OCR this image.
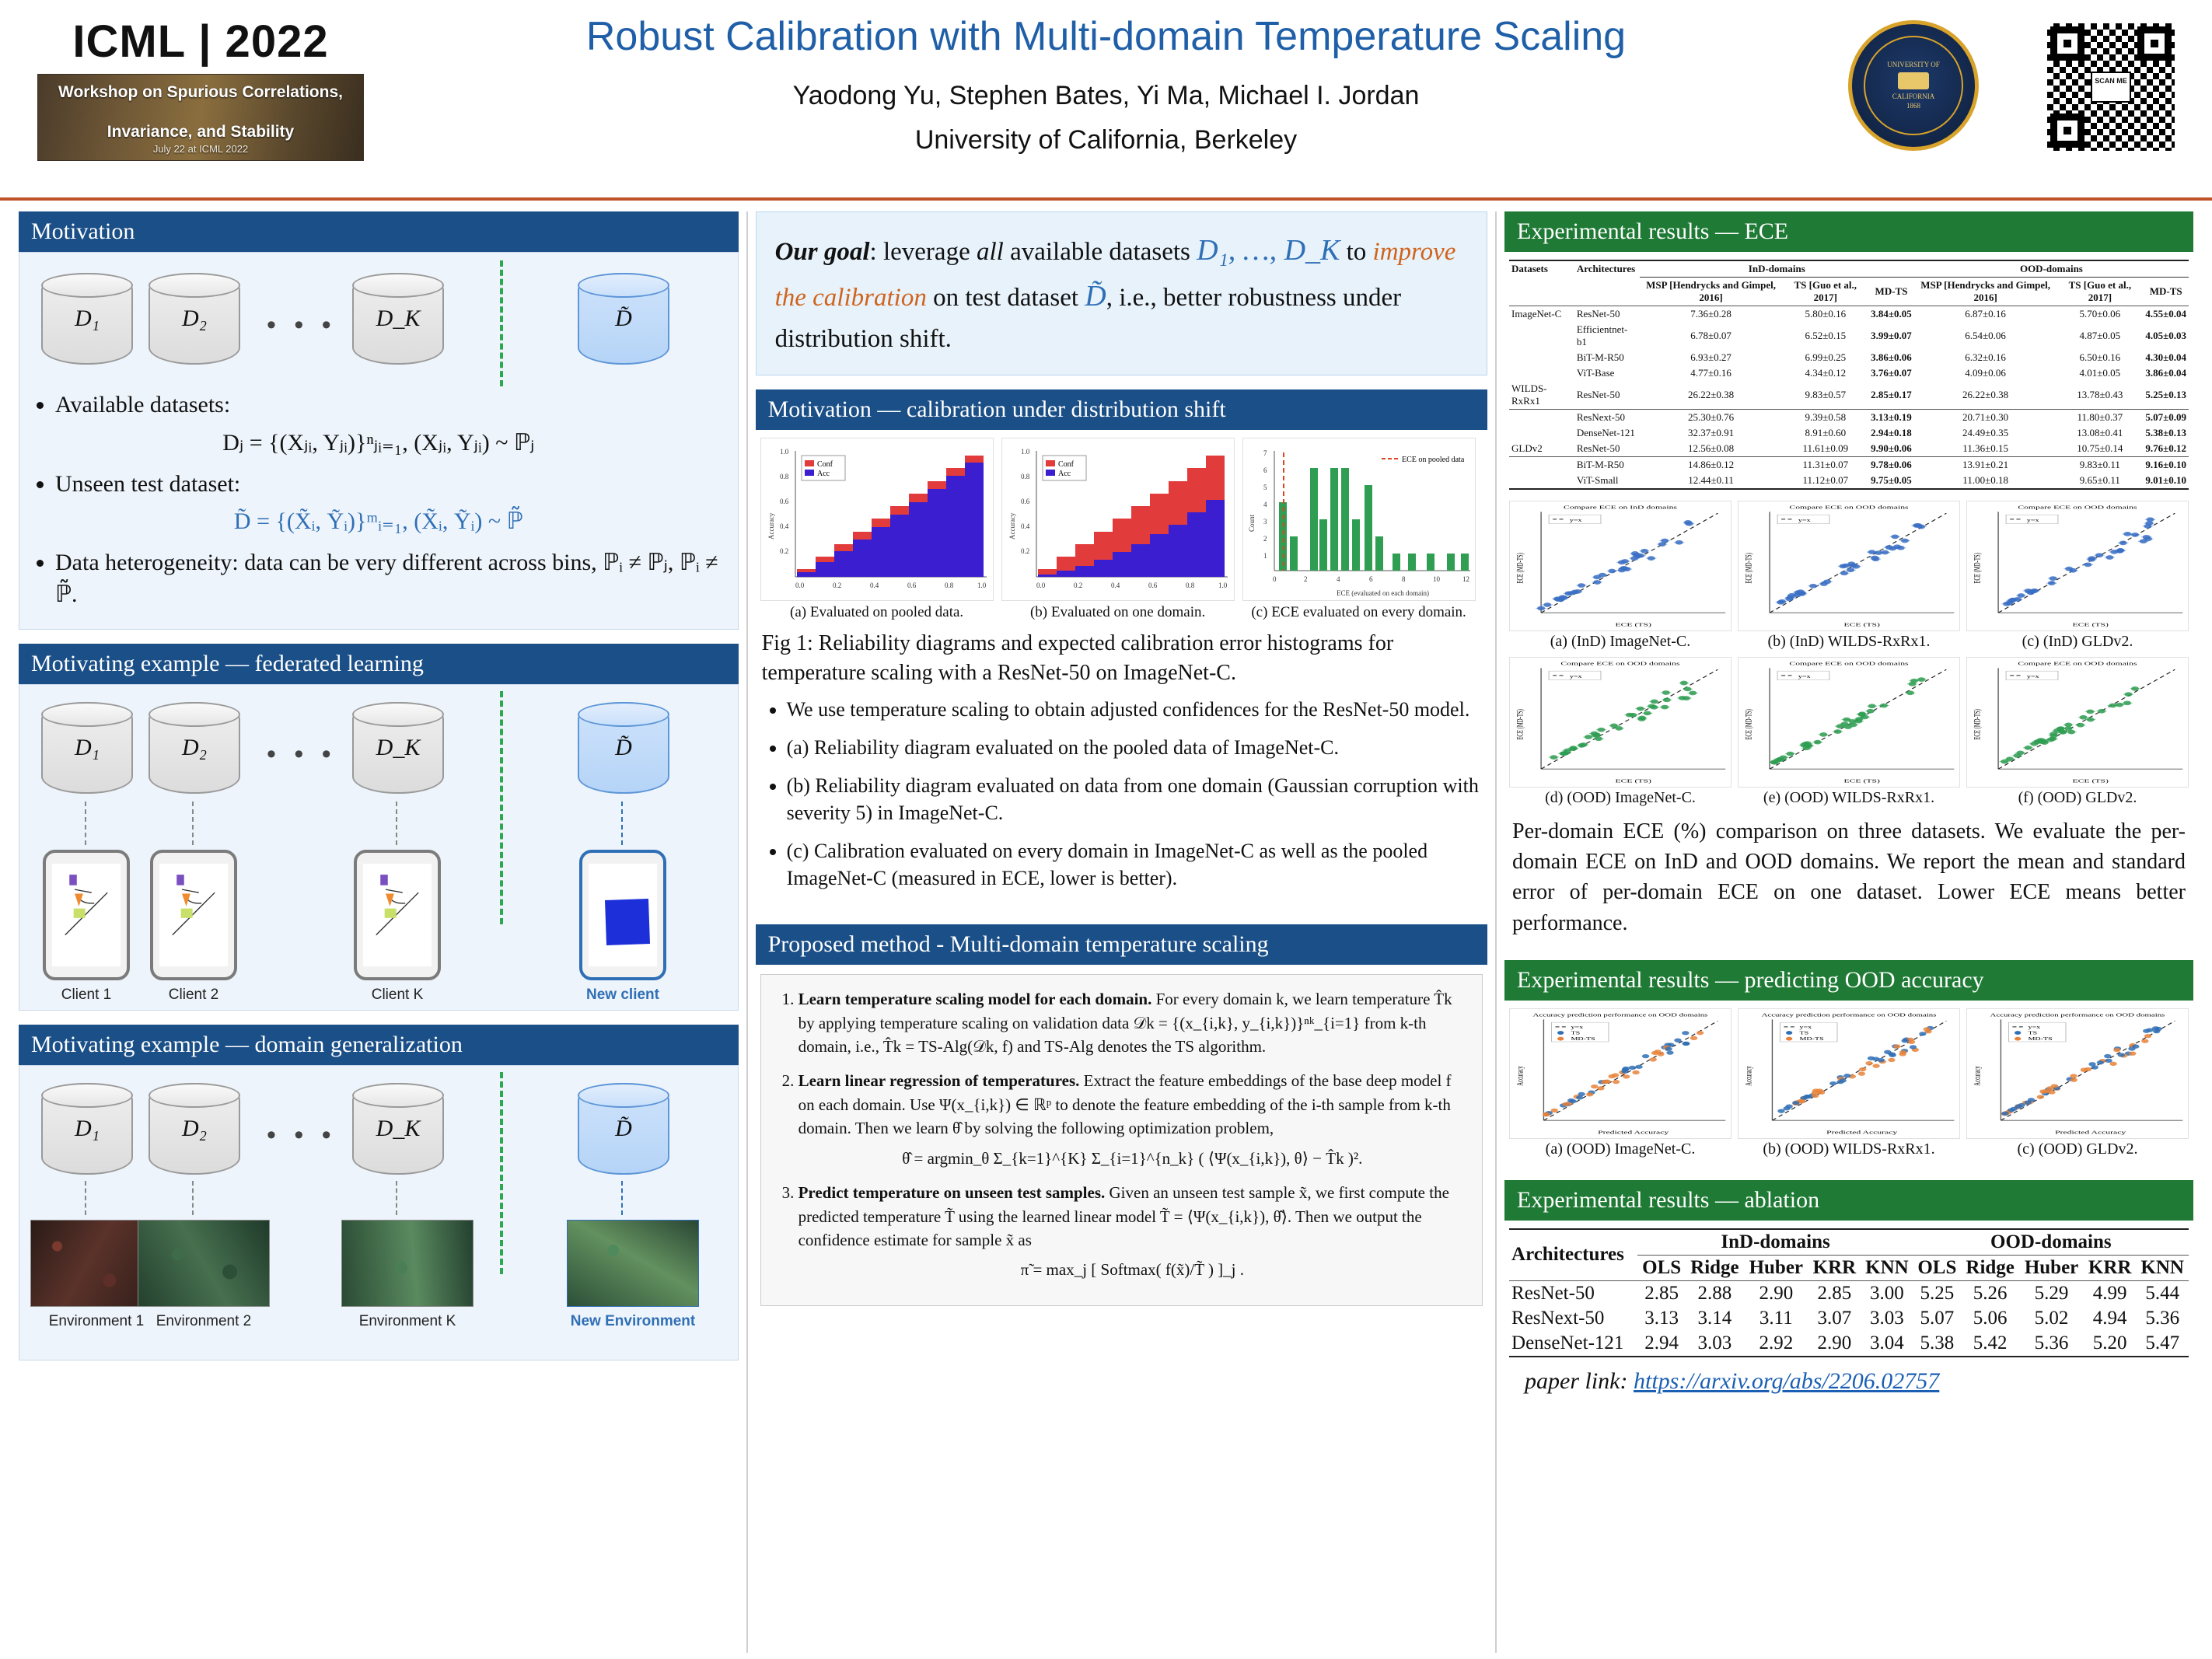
ICML | 2022
Workshop on Spurious Correlations,
Invariance, and Stability
July 22 at ICML 2022
Robust Calibration with Multi-domain Temperature Scaling
Yaodong Yu, Stephen Bates, Yi Ma, Michael I. Jordan
University of California, Berkeley
UNIVERSITY OF
CALIFORNIA
1868
SCAN ME
Motivation
D₁	D₂ • • • D_K	D̃
• Available datasets:
Dⱼ = {(Xⱼᵢ, Yⱼᵢ)}ⁿⱼᵢ₌₁, (Xⱼᵢ, Yⱼᵢ) ~ ℙⱼ
• Unseen test dataset:
D̃ = {(X̃ᵢ, Ỹᵢ)}ᵐᵢ₌₁, (X̃ᵢ, Ỹᵢ) ~ ℙ̃
• Data heterogeneity: data can be very different across bins, ℙᵢ ≠ ℙⱼ, ℙᵢ ≠ ℙ̃.
Motivating example — federated learning
D₁	D₂ • • • D_K	D̃
Client 1	Client 2	Client K	New client
Motivating example — domain generalization
D₁	D₂ • • • D_K	D̃
Environment 1 Environment 2	Environment K	New Environment
Our goal: leverage all available datasets D₁, …, D_K to improve the calibration on test dataset D̃, i.e., better robustness under distribution shift.
Motivation — calibration under distribution shift
1.0
0.8
0.6
0.4
0.2
0.0	0.2	0.4	0.6	0.8	1.0
Accuracy
Conf
Acc
(a) Evaluated on pooled data.
1.0
0.8
0.6
0.4
0.2
0.0	0.2	0.4	0.6	0.8	1.0
Accuracy
Conf
Acc
(b) Evaluated on one domain.
7
6
5
4
3
2
1
0	2	4	6	8	10	12
Count
ECE (evaluated on each domain)
ECE on pooled data
(c) ECE evaluated on every domain.
Fig 1: Reliability diagrams and expected calibration error histograms for temperature scaling with a ResNet-50 on ImageNet-C.
• We use temperature scaling to obtain adjusted confidences for the ResNet-50 model.
• (a) Reliability diagram evaluated on the pooled data of ImageNet-C.
• (b) Reliability diagram evaluated on data from one domain (Gaussian corruption with severity 5) in ImageNet-C.
• (c) Calibration evaluated on every domain in ImageNet-C as well as the pooled ImageNet-C (measured in ECE, lower is better).
Proposed method - Multi-domain temperature scaling
1. Learn temperature scaling model for each domain. For every domain k, we learn temperature T̂k by applying temperature scaling on validation data 𝒟k = {(x_{i,k}, y_{i,k})}ⁿᵏ_{i=1} from k-th domain, i.e., T̂k = TS-Alg(𝒟k, f) and TS-Alg denotes the TS algorithm.
2. Learn linear regression of temperatures. Extract the feature embeddings of the base deep model f on each domain. Use Ψ(x_{i,k}) ∈ ℝᵖ to denote the feature embedding of the i-th sample from k-th domain. Then we learn θ̂ by solving the following optimization problem,
θ̂ = argmin_θ Σ_{k=1}^{K} Σ_{i=1}^{n_k} ( ⟨Ψ(x_{i,k}), θ⟩ − T̂k )².
3. Predict temperature on unseen test samples. Given an unseen test sample x̃, we first compute the predicted temperature T̃ using the learned linear model T̃ = ⟨Ψ(x_{i,k}), θ̂⟩. Then we output the confidence estimate for sample x̃ as
π̃ = max_j [ Softmax( f(x̃)/T̃ ) ]_j .
Experimental results — ECE
Datasets	Architectures	InD-domains			OOD-domains		
		MSP [Hendrycks and Gimpel, 2016]	TS [Guo et al., 2017]	MD-TS	MSP [Hendrycks and Gimpel, 2016]	TS [Guo et al., 2017]	MD-TS
ImageNet-C	ResNet-50	7.36±0.28	5.80±0.16	3.84±0.05	6.87±0.16	5.70±0.06	4.55±0.04
	Efficientnet-b1	6.78±0.07	6.52±0.15	3.99±0.07	6.54±0.06	4.87±0.05	4.05±0.03
	BiT-M-R50	6.93±0.27	6.99±0.25	3.86±0.06	6.32±0.16	6.50±0.16	4.30±0.04
	ViT-Base	4.77±0.16	4.34±0.12	3.76±0.07	4.09±0.06	4.01±0.05	3.86±0.04
WILDS-RxRx1	ResNet-50	26.22±0.38	9.83±0.57	2.85±0.17	26.22±0.38	13.78±0.43	5.25±0.13
	ResNext-50	25.30±0.76	9.39±0.58	3.13±0.19	20.71±0.30	11.80±0.37	5.07±0.09
	DenseNet-121	32.37±0.91	8.91±0.60	2.94±0.18	24.49±0.35	13.08±0.41	5.38±0.13
GLDv2	ResNet-50	12.56±0.08	11.61±0.09	9.90±0.06	11.36±0.15	10.75±0.14	9.76±0.12
	BiT-M-R50	14.86±0.12	11.31±0.07	9.78±0.06	13.91±0.21	9.83±0.11	9.16±0.10
	ViT-Small	12.44±0.11	11.12±0.07	9.75±0.05	11.00±0.18	9.65±0.11	9.01±0.10
Compare ECE on InD domains
y=x
ECE (TS)
ECE (MD-TS)
(a) (InD) ImageNet-C.
Compare ECE on OOD domains
y=x
ECE (TS)
ECE (MD-TS)
(b) (InD) WILDS-RxRx1.
Compare ECE on OOD domains
y=x
ECE (TS)
ECE (MD-TS)
(c) (InD) GLDv2.
Compare ECE on OOD domains
y=x
ECE (TS)
ECE (MD-TS)
(d) (OOD) ImageNet-C.
Compare ECE on OOD domains
y=x
ECE (TS)
ECE (MD-TS)
(e) (OOD) WILDS-RxRx1.
Compare ECE on OOD domains
y=x
ECE (TS)
ECE (MD-TS)
(f) (OOD) GLDv2.
Per-domain ECE (%) comparison on three datasets. We evaluate the per-domain ECE on InD and OOD domains. We report the mean and standard error of per-domain ECE on one dataset. Lower ECE means better performance.
Experimental results — predicting OOD accuracy
Accuracy prediction performance on OOD domains
y=x
TS
MD-TS
Predicted Accuracy
Accuracy
(a) (OOD) ImageNet-C.
Accuracy prediction performance on OOD domains
y=x
TS
MD-TS
Predicted Accuracy
Accuracy
(b) (OOD) WILDS-RxRx1.
Accuracy prediction performance on OOD domains
y=x
TS
MD-TS
Predicted Accuracy
Accuracy
(c) (OOD) GLDv2.
Experimental results — ablation
Architectures	InD-domains					OOD-domains				
	OLS	Ridge	Huber	KRR	KNN	OLS	Ridge	Huber	KRR	KNN
ResNet-50	2.85	2.88	2.90	2.85	3.00	5.25	5.26	5.29	4.99	5.44
ResNext-50	3.13	3.14	3.11	3.07	3.03	5.07	5.06	5.02	4.94	5.36
DenseNet-121	2.94	3.03	2.92	2.90	3.04	5.38	5.42	5.36	5.20	5.47
paper link: https://arxiv.org/abs/2206.02757
